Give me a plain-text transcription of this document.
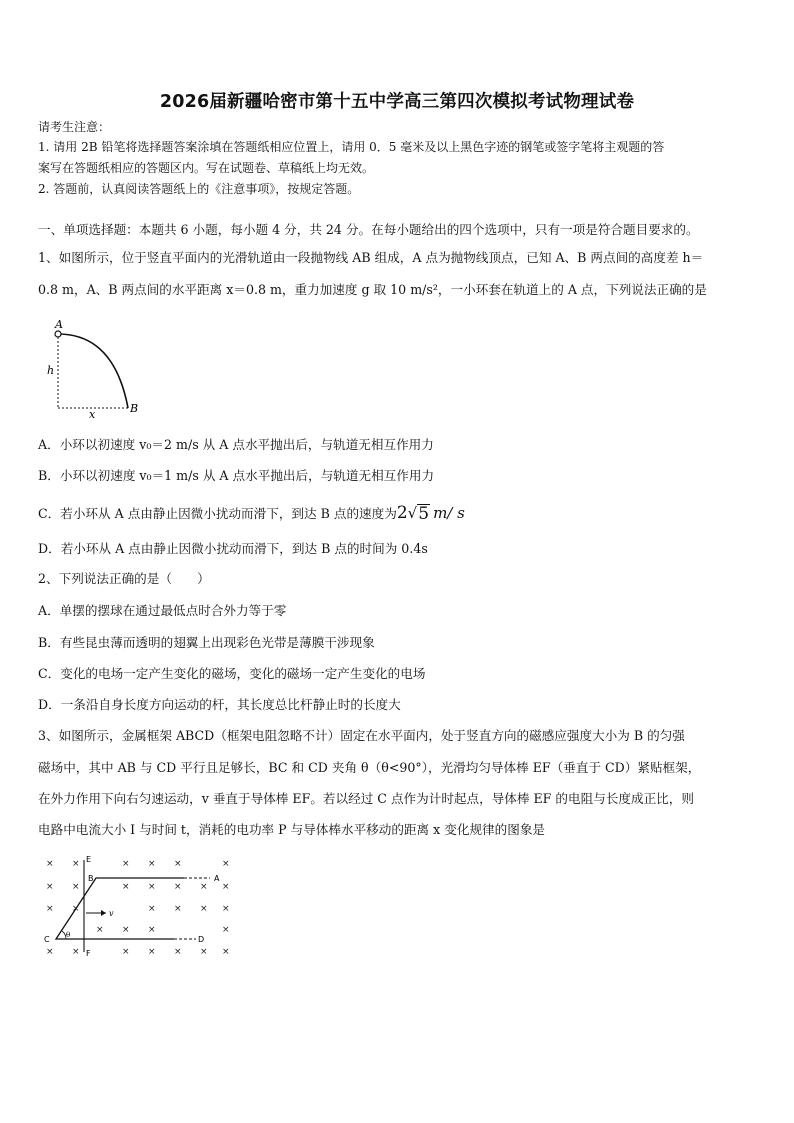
2026届新疆哈密市第十五中学高三第四次模拟考试物理试卷
请考生注意：
1. 请用 2B 铅笔将选择题答案涂填在答题纸相应位置上，请用 0．5 毫米及以上黑色字迹的钢笔或签字笔将主观题的答
案写在答题纸相应的答题区内。写在试题卷、草稿纸上均无效。
2. 答题前，认真阅读答题纸上的《注意事项》，按规定答题。
一、单项选择题：本题共 6 小题，每小题 4 分，共 24 分。在每小题给出的四个选项中，只有一项是符合题目要求的。
1、如图所示，位于竖直平面内的光滑轨道由一段抛物线 AB 组成，A 点为抛物线顶点，已知 A、B 两点间的高度差 h＝
0.8 m，A、B 两点间的水平距离 x＝0.8 m，重力加速度 g 取 10 m/s²，一小环套在轨道上的 A 点，下列说法正确的是
A
B
h
x
A．小环以初速度 v₀＝2 m/s 从 A 点水平抛出后，与轨道无相互作用力
B．小环以初速度 v₀＝1 m/s 从 A 点水平抛出后，与轨道无相互作用力
C．若小环从 A 点由静止因微小扰动而滑下，到达 B 点的速度为 2 √ 5 m/ s
D．若小环从 A 点由静止因微小扰动而滑下，到达 B 点的时间为 0.4s
2、下列说法正确的是（　　）
A．单摆的摆球在通过最低点时合外力等于零
B．有些昆虫薄而透明的翅翼上出现彩色光带是薄膜干涉现象
C．变化的电场一定产生变化的磁场，变化的磁场一定产生变化的电场
D．一条沿自身长度方向运动的杆，其长度总比杆静止时的长度大
3、如图所示，金属框架 ABCD（框架电阻忽略不计）固定在水平面内，处于竖直方向的磁感应强度大小为 B 的匀强
磁场中，其中 AB 与 CD 平行且足够长，BC 和 CD 夹角 θ（θ<90°），光滑均匀导体棒 EF（垂直于 CD）紧贴框架，
在外力作用下向右匀速运动，v 垂直于导体棒 EF。若以经过 C 点作为计时起点，导体棒 EF 的电阻与长度成正比，则
电路中电流大小 I 与时间 t，消耗的电功率 P 与导体棒水平移动的距离 x 变化规律的图象是
× ×	× × ×	×
× ×	× × × × ×
× ×	× × × ×
× × ×	×
× ×	× × × × ×
E
F
A
B
C	D
v
θ
